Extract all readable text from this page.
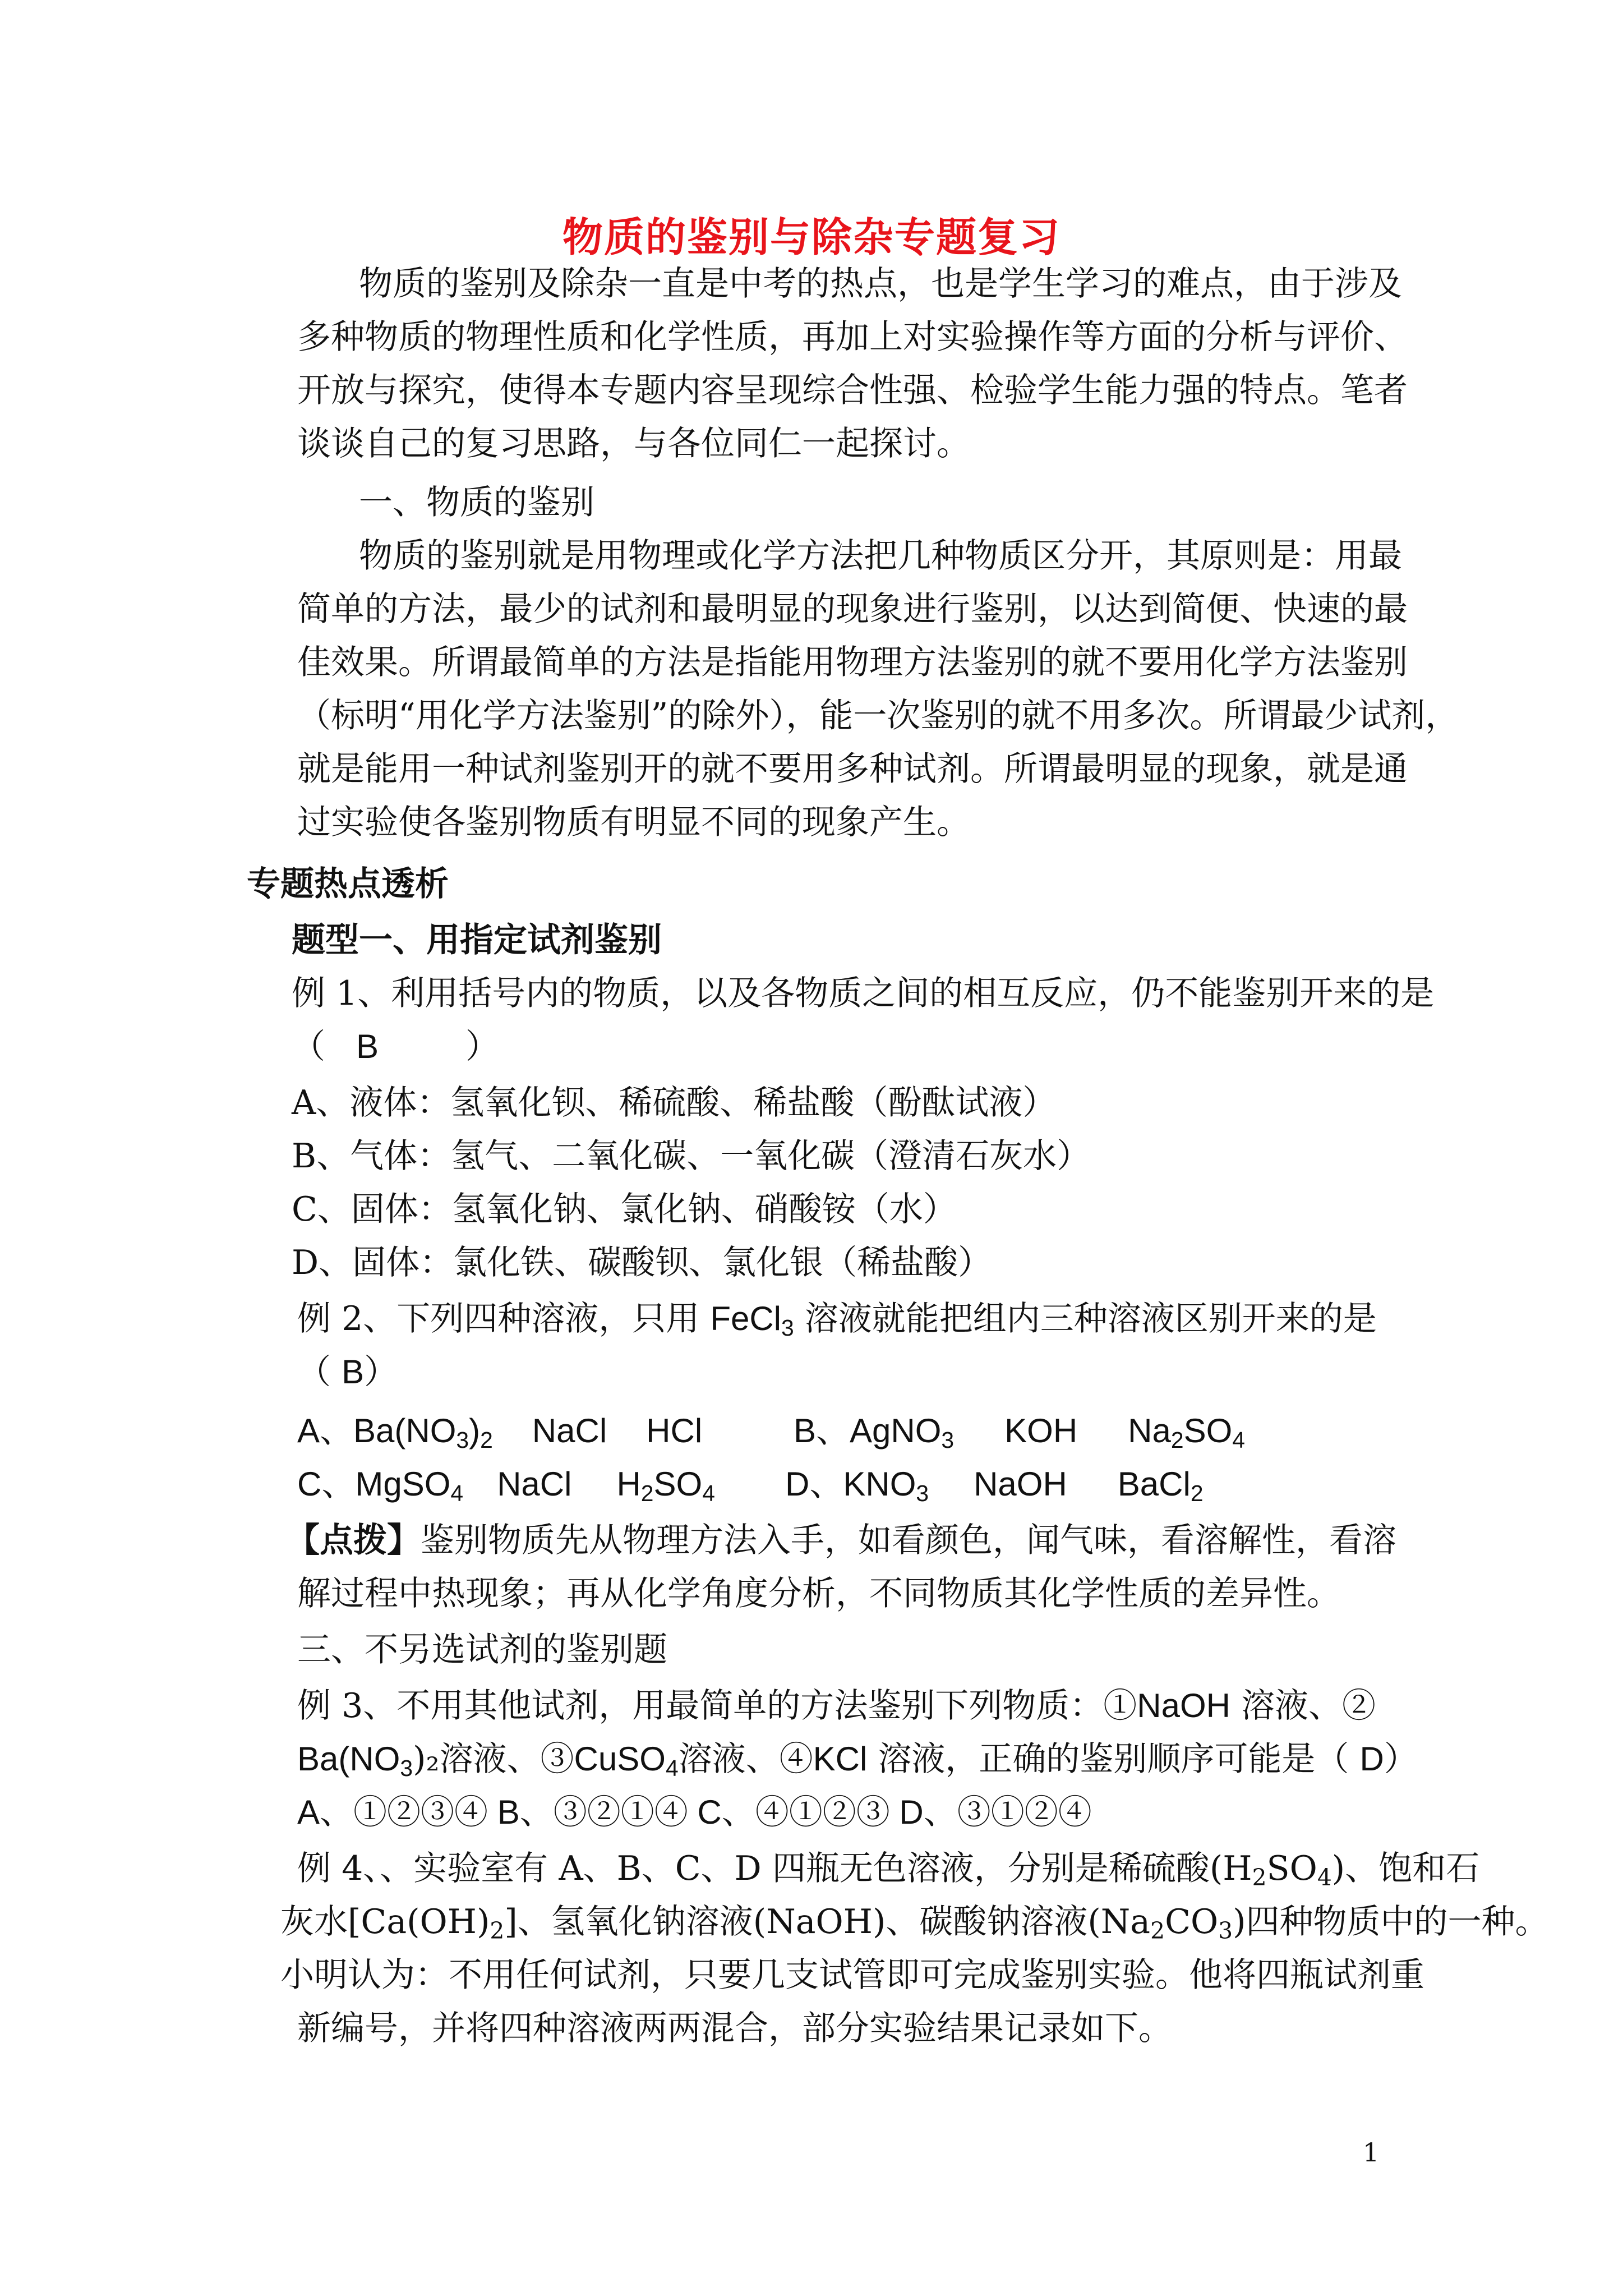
物质的鉴别与除杂专题复习
物质的鉴别及除杂一直是中考的热点，也是学生学习的难点，由于涉及
多种物质的物理性质和化学性质，再加上对实验操作等方面的分析与评价、
开放与探究，使得本专题内容呈现综合性强、检验学生能力强的特点。笔者
谈谈自己的复习思路，与各位同仁一起探讨。
一、物质的鉴别
物质的鉴别就是用物理或化学方法把几种物质区分开，其原则是：用最
简单的方法，最少的试剂和最明显的现象进行鉴别，以达到简便、快速的最
佳效果。所谓最简单的方法是指能用物理方法鉴别的就不要用化学方法鉴别
（标明“用化学方法鉴别”的除外），能一次鉴别的就不用多次。所谓最少试剂，
就是能用一种试剂鉴别开的就不要用多种试剂。所谓最明显的现象，就是通
过实验使各鉴别物质有明显不同的现象产生。
专题热点透析
题型一、用指定试剂鉴别
例 1、利用括号内的物质，以及各物质之间的相互反应，仍不能鉴别开来的是
（ B	）
A、液体：氢氧化钡、稀硫酸、稀盐酸（酚酞试液）
B、气体：氢气、二氧化碳、一氧化碳（澄清石灰水）
C、固体：氢氧化钠、氯化钠、硝酸铵（水）
D、固体：氯化铁、碳酸钡、氯化银（稀盐酸）
例 2、下列四种溶液，只用 FeCl$_3$ 溶液就能把组内三种溶液区别开来的是
（ B）
A、$Ba(NO_3)_2$ NaCl HCl	B、AgNO$_3$ KOH $Na_2SO_4$
C、MgSO$_4$ NaCl $H_2SO_4$ D、$KNO_3$ NaOH BaCl$_2$
【点拨】鉴别物质先从物理方法入手，如看颜色，闻气味，看溶解性，看溶
解过程中热现象；再从化学角度分析，不同物质其化学性质的差异性。
三、不另选试剂的鉴别题
例 3、不用其他试剂，用最简单的方法鉴别下列物质：①NaOH 溶液、②
$Ba(NO_3)_2$溶液、③CuSO$_4$溶液、④KCl 溶液，正确的鉴别顺序可能是（ D）
A、①②③④ B、③②①④ C、④①②③ D、③①②④
例 4、、实验室有 A、B、C、D 四瓶无色溶液，分别是稀硫酸$(H_2SO_4)$、饱和石
灰水$[Ca(OH)_2]$、氢氧化钠溶液(NaOH)、碳酸钠溶液$(Na_2CO_3)$四种物质中的一种。
小明认为：不用任何试剂，只要几支试管即可完成鉴别实验。他将四瓶试剂重
新编号，并将四种溶液两两混合，部分实验结果记录如下。
1
